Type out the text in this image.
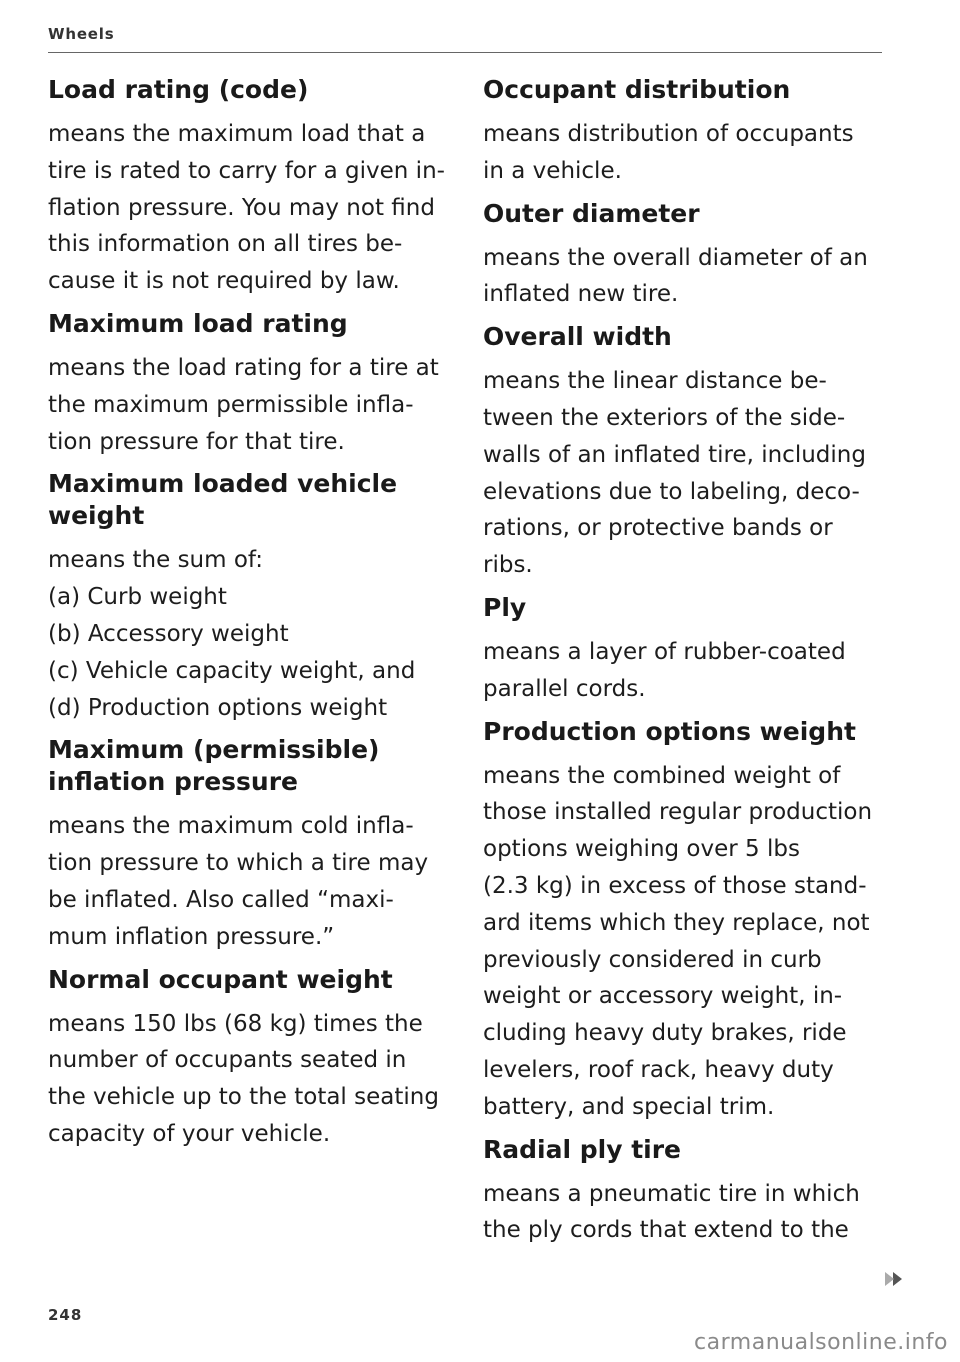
Wheels
Load rating (code)
means the maximum load that a
tire is rated to carry for a given in-
flation pressure. You may not find
this information on all tires be-
cause it is not required by law.
Maximum load rating
means the load rating for a tire at
the maximum permissible infla-
tion pressure for that tire.
Maximum loaded vehicle
weight
means the sum of:
(a) Curb weight
(b) Accessory weight
(c) Vehicle capacity weight, and
(d) Production options weight
Maximum (permissible)
inflation pressure
means the maximum cold infla-
tion pressure to which a tire may
be inflated. Also called “maxi-
mum inflation pressure.”
Normal occupant weight
means 150 lbs (68 kg) times the
number of occupants seated in
the vehicle up to the total seating
capacity of your vehicle.
Occupant distribution
means distribution of occupants
in a vehicle.
Outer diameter
means the overall diameter of an
inflated new tire.
Overall width
means the linear distance be-
tween the exteriors of the side-
walls of an inflated tire, including
elevations due to labeling, deco-
rations, or protective bands or
ribs.
Ply
means a layer of rubber-coated
parallel cords.
Production options weight
means the combined weight of
those installed regular production
options weighing over 5 lbs
(2.3 kg) in excess of those stand-
ard items which they replace, not
previously considered in curb
weight or accessory weight, in-
cluding heavy duty brakes, ride
levelers, roof rack, heavy duty
battery, and special trim.
Radial ply tire
means a pneumatic tire in which
the ply cords that extend to the
248
carmanualsonline.info
